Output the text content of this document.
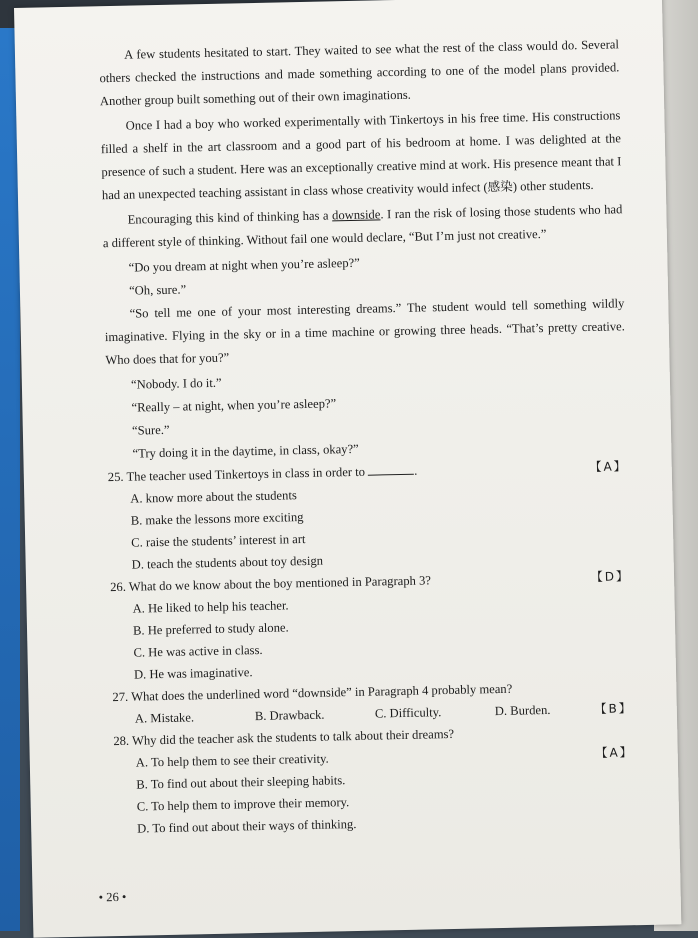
A few students hesitated to start. They waited to see what the rest of the class would do. Several others checked the instructions and made something according to one of the model plans provided. Another group built something out of their own imaginations.

Once I had a boy who worked experimentally with Tinkertoys in his free time. His constructions filled a shelf in the art classroom and a good part of his bedroom at home. I was delighted at the presence of such a student. Here was an exceptionally creative mind at work. His presence meant that I had an unexpected teaching assistant in class whose creativity would infect (感染) other students.

Encouraging this kind of thinking has a downside. I ran the risk of losing those students who had a different style of thinking. Without fail one would declare, “But I’m just not creative.”

“Do you dream at night when you’re asleep?”

“Oh, sure.”

“So tell me one of your most interesting dreams.” The student would tell something wildly imaginative. Flying in the sky or in a time machine or growing three heads. “That’s pretty creative. Who does that for you?”

“Nobody. I do it.”

“Really – at night, when you’re asleep?”

“Sure.”

“Try doing it in the daytime, in class, okay?”

25. The teacher used Tinkertoys in class in order to	.	【A】

A. know more about the students

B. make the lessons more exciting

C. raise the students’ interest in art

D. teach the students about toy design

26. What do we know about the boy mentioned in Paragraph 3?	【D】

A. He liked to help his teacher.

B. He preferred to study alone.

C. He was active in class.

D. He was imaginative.

27. What does the underlined word “downside” in Paragraph 4 probably mean?

A. Mistake.	B. Drawback.	C. Difficulty.	D. Burden.	【B】

28. Why did the teacher ask the students to talk about their dreams?

A. To help them to see their creativity.	【A】

B. To find out about their sleeping habits.

C. To help them to improve their memory.

D. To find out about their ways of thinking.

• 26 •
